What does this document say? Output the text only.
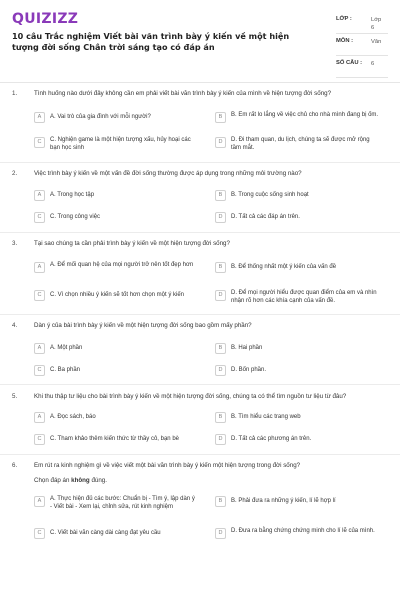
QUIZIZZ
10 câu Trắc nghiệm Viết bài văn trình bày ý kiến về một hiện tượng đời sống Chân trời sáng tạo có đáp án
LỚP :	Lớp 6
MÔN :	Văn
SỐ CÂU : 6
1.	Tình huống nào dưới đây không cần em phải viết bài văn trình bày ý kiến của mình về hiện tượng đời sống?
A	A. Vai trò của gia đình với mỗi người?	B	B. Em rất lo lắng về việc chủ cho nhà mình đang bị ốm.
C	C. Nghiện game là một hiện tượng xấu, hủy hoại các bạn học sinh
D	D. Đi tham quan, du lịch, chúng ta sẽ được mở rộng tầm mắt.
2.	Việc trình bày ý kiến về một vấn đề đời sống thường được áp dụng trong những môi trường nào?
A	A. Trong học tập	B	B. Trong cuộc sống sinh hoạt
C	C. Trong công việc	D	D. Tất cả các đáp án trên.
3.	Tại sao chúng ta cần phải trình bày ý kiến về một hiện tượng đời sống?
A	A. Để mối quan hệ của mọi người trở nên tốt đẹp hơn	B	B. Để thống nhất một ý kiến của vấn đề
C	C. Vì chọn nhiều ý kiến sẽ tốt hơn chọn một ý kiến	D	D. Để mọi người hiểu được quan điểm của em và nhìn nhận rõ hơn các khía cạnh của vấn đề.
4.	Dàn ý của bài trình bày ý kiến về một hiện tượng đời sống bao gồm mấy phần?
A	A. Một phần	B	B. Hai phần
C	C. Ba phần	D	D. Bốn phần.
5.	Khi thu thập tư liệu cho bài trình bày ý kiến về một hiện tượng đời sống, chúng ta có thể tìm nguồn tư liệu từ đâu?
A	A. Đọc sách, báo	B	B. Tìm hiểu các trang web
C	C. Tham khảo thêm kiến thức từ thầy cô, bạn bè	D	D. Tất cả các phương án trên.
6.	Em rút ra kinh nghiệm gì về việc viết một bài văn trình bày ý kiến một hiện tượng trong đời sống?
Chọn đáp án không đúng.
A	A. Thực hiện đủ các bước: Chuẩn bị - Tìm ý, lập dàn ý - Viết bài - Xem lại, chỉnh sửa, rút kinh nghiệm
B	B. Phải đưa ra những ý kiến, lí lẽ hợp lí
C	C. Viết bài văn càng dài càng đạt yêu cầu	D	D. Đưa ra bằng chứng chứng minh cho lí lẽ của mình.
